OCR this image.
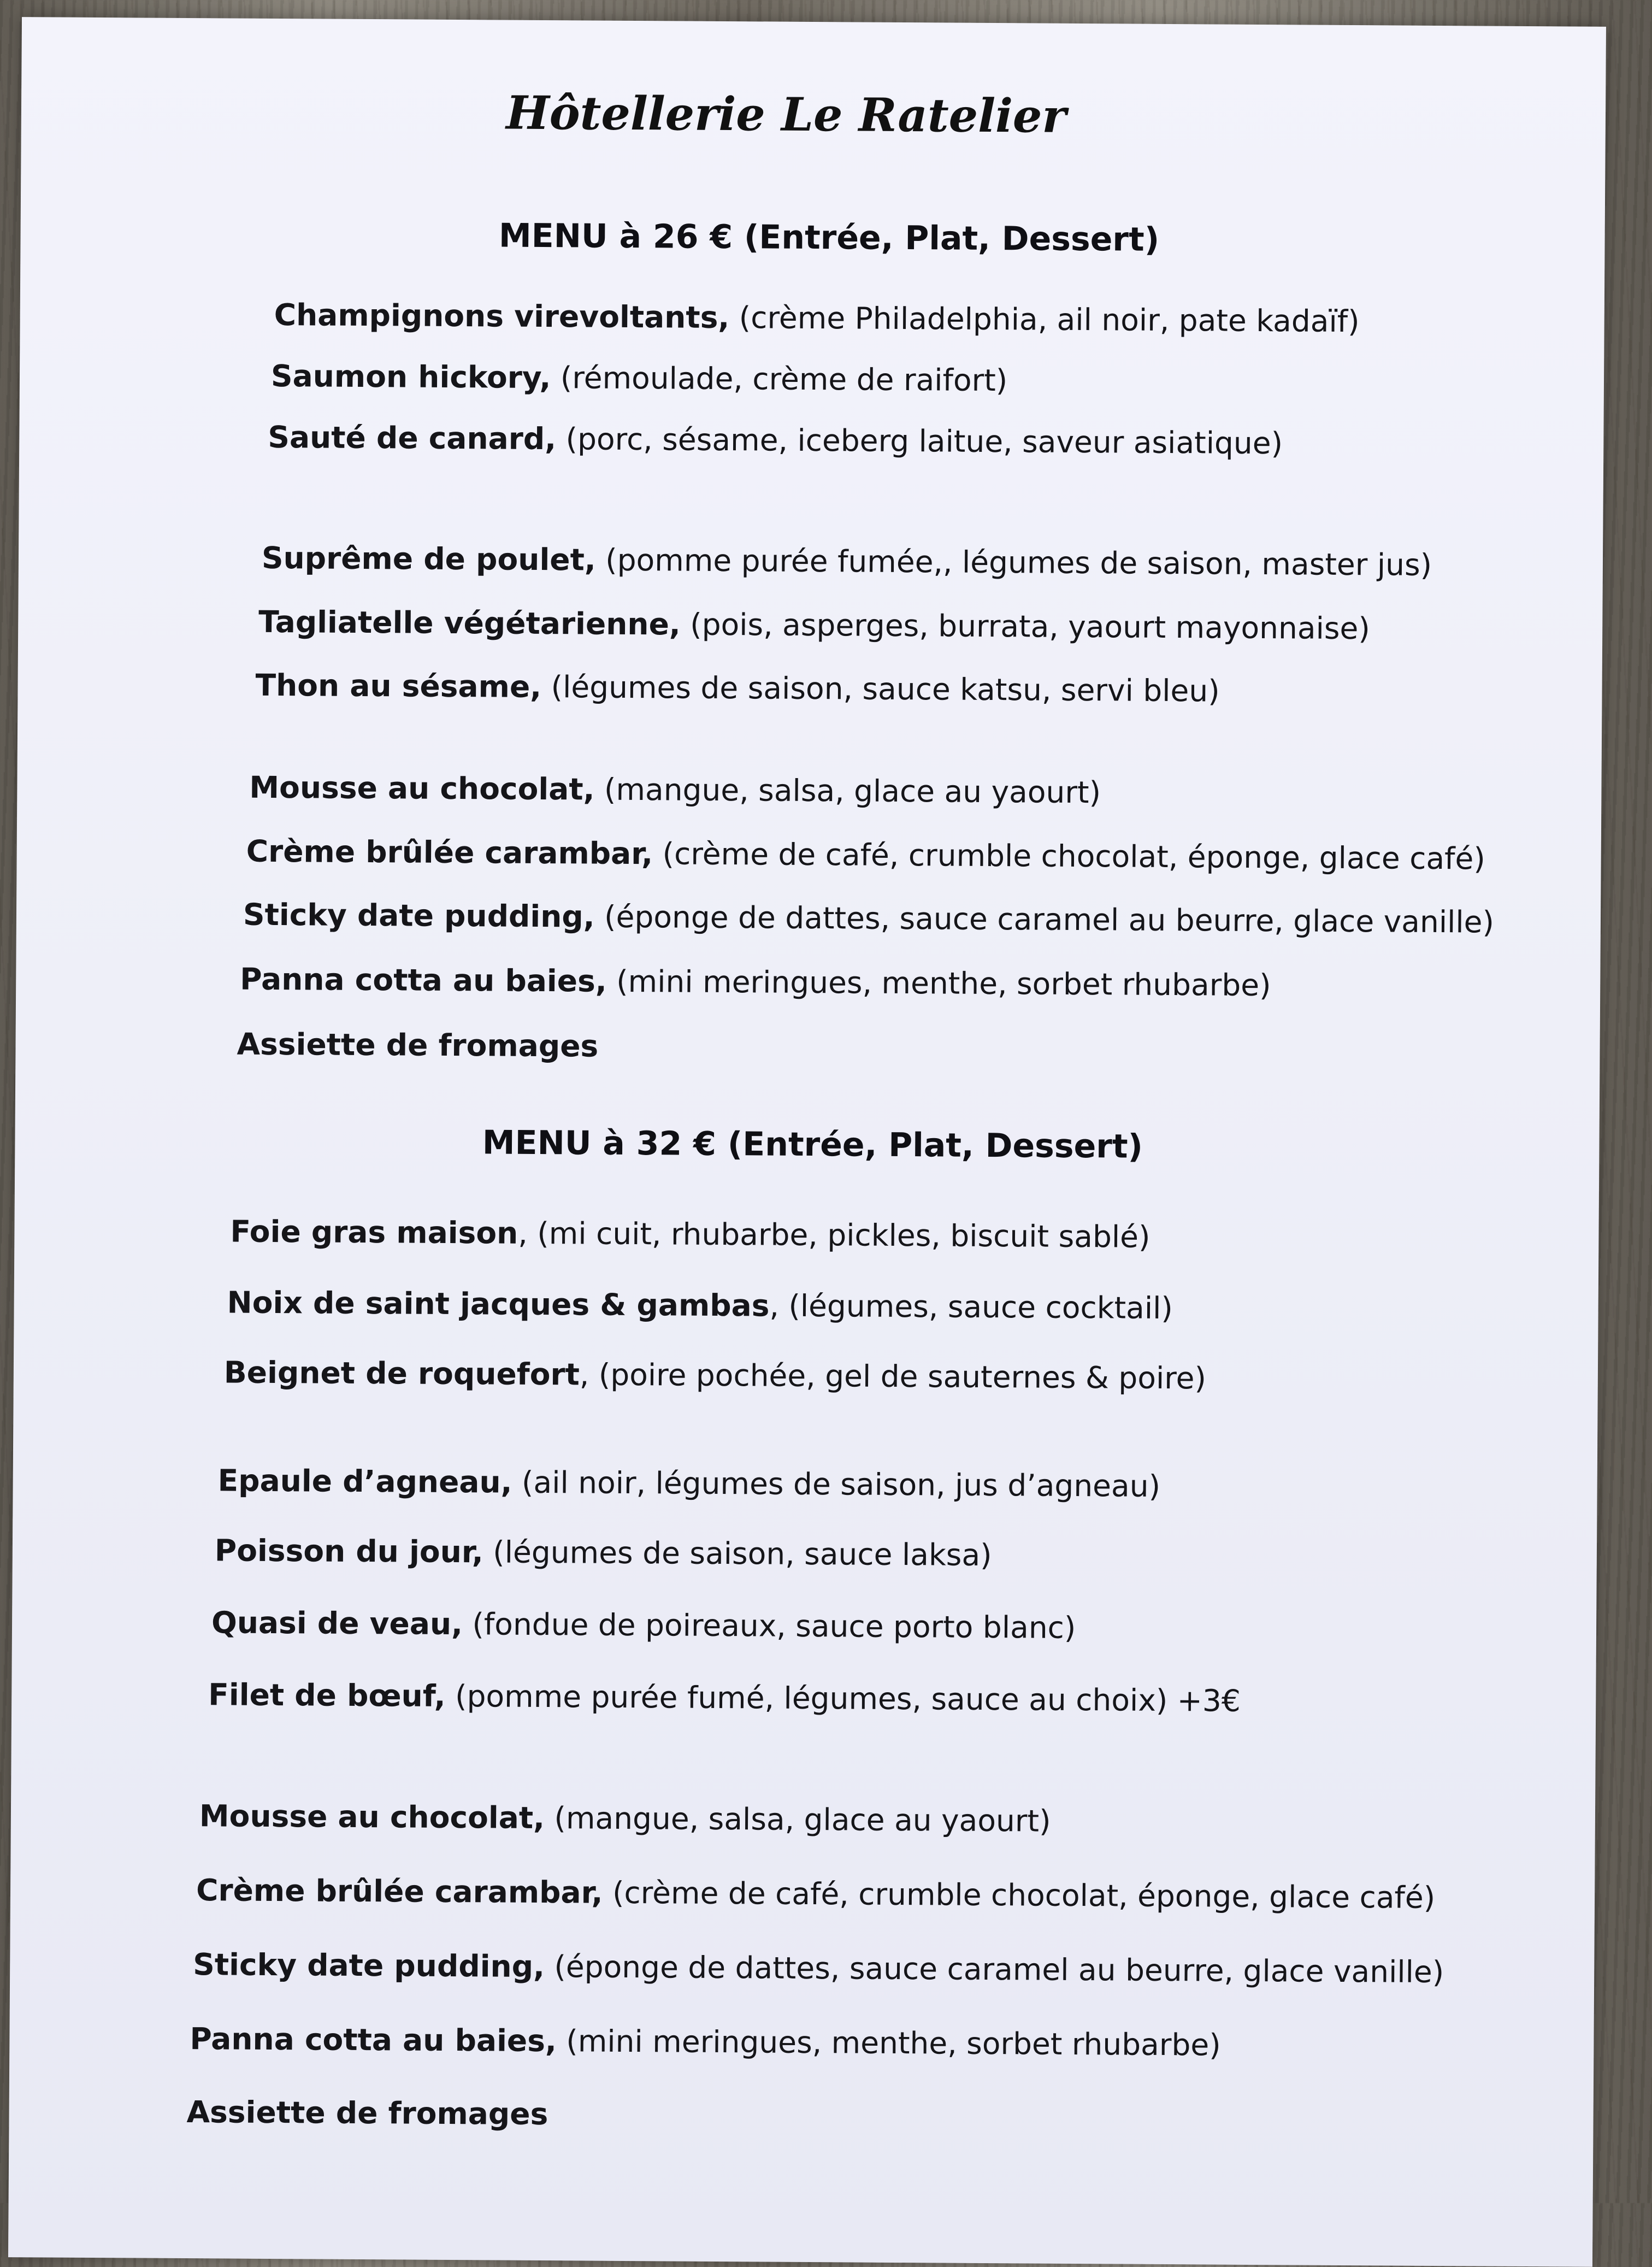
Hôtellerie Le Ratelier
MENU à 26 € (Entrée, Plat, Dessert)
Champignons virevoltants, (crème Philadelphia, ail noir, pate kadaïf)
Saumon hickory, (rémoulade, crème de raifort)
Sauté de canard, (porc, sésame, iceberg laitue, saveur asiatique)
Suprême de poulet, (pomme purée fumée,, légumes de saison, master jus)
Tagliatelle végétarienne, (pois, asperges, burrata, yaourt mayonnaise)
Thon au sésame, (légumes de saison, sauce katsu, servi bleu)
Mousse au chocolat, (mangue, salsa, glace au yaourt)
Crème brûlée carambar, (crème de café, crumble chocolat, éponge, glace café)
Sticky date pudding, (éponge de dattes, sauce caramel au beurre, glace vanille)
Panna cotta au baies, (mini meringues, menthe, sorbet rhubarbe)
Assiette de fromages
MENU à 32 € (Entrée, Plat, Dessert)
Foie gras maison, (mi cuit, rhubarbe, pickles, biscuit sablé)
Noix de saint jacques & gambas, (légumes, sauce cocktail)
Beignet de roquefort, (poire pochée, gel de sauternes & poire)
Epaule d’agneau, (ail noir, légumes de saison, jus d’agneau)
Poisson du jour, (légumes de saison, sauce laksa)
Quasi de veau, (fondue de poireaux, sauce porto blanc)
Filet de bœuf, (pomme purée fumé, légumes, sauce au choix) +3€
Mousse au chocolat, (mangue, salsa, glace au yaourt)
Crème brûlée carambar, (crème de café, crumble chocolat, éponge, glace café)
Sticky date pudding, (éponge de dattes, sauce caramel au beurre, glace vanille)
Panna cotta au baies, (mini meringues, menthe, sorbet rhubarbe)
Assiette de fromages
